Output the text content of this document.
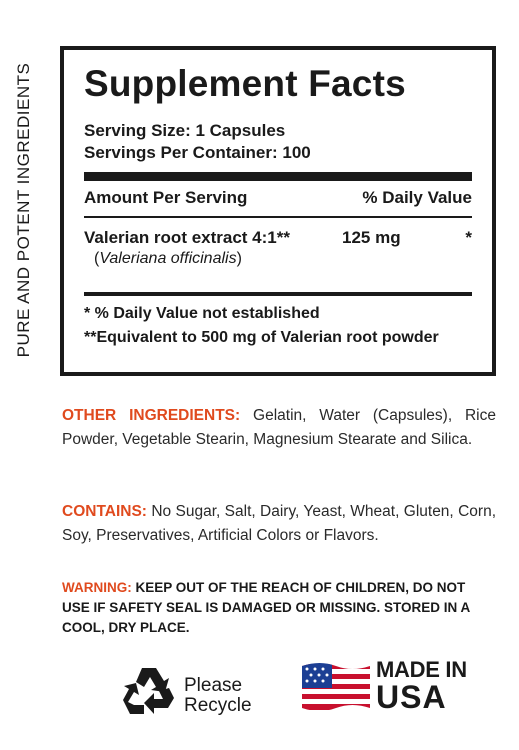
PURE AND POTENT INGREDIENTS Supplement Facts
Serving Size: 1 Capsules
Servings Per Container: 100
Amount Per Serving	% Daily Value
Valerian root extract 4:1**	125 mg	*
(Valeriana officinalis)
* % Daily Value not established
**Equivalent to 500 mg of Valerian root powder
OTHER INGREDIENTS: Gelatin, Water (Capsules), Rice Powder, Vegetable Stearin, Magnesium Stearate and Silica.
CONTAINS: No Sugar, Salt, Dairy, Yeast, Wheat, Gluten, Corn, Soy, Preservatives, Artificial Colors or Flavors.
WARNING: KEEP OUT OF THE REACH OF CHILDREN, DO NOT USE IF SAFETY SEAL IS DAMAGED OR MISSING. STORED IN A COOL, DRY PLACE.
Please
Recycle
MADE IN
USA
